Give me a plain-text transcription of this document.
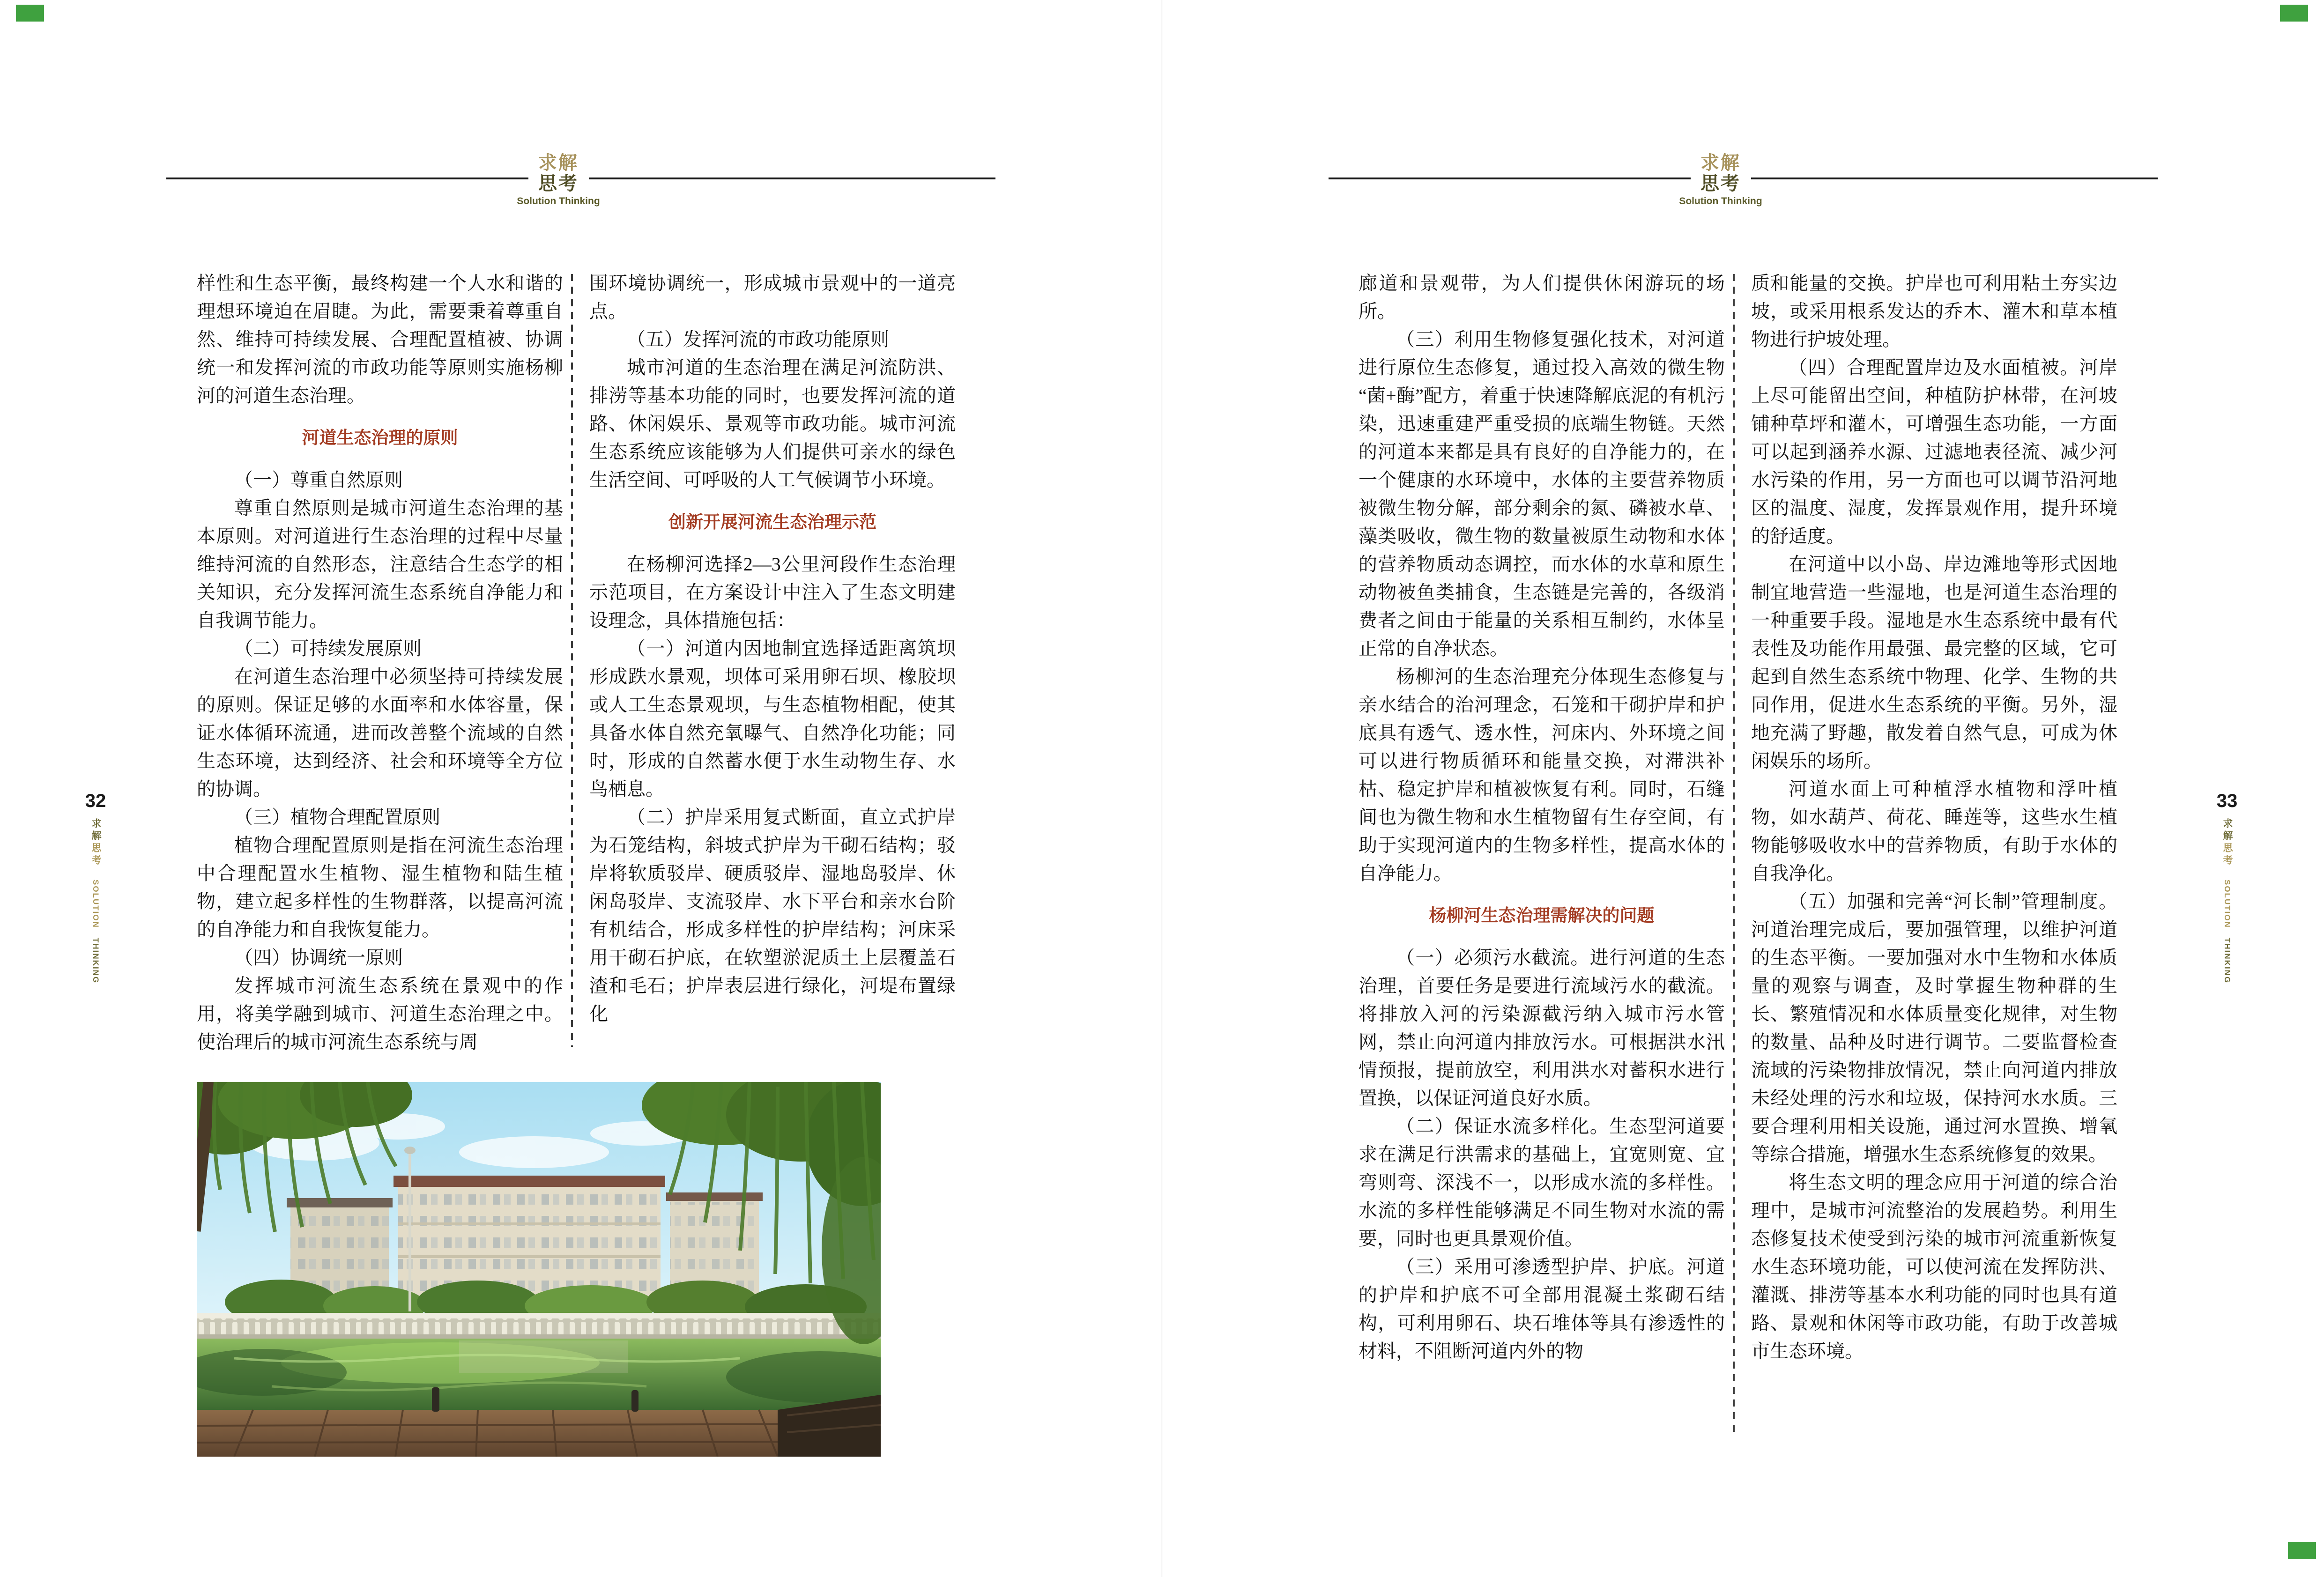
求解
思考
Solution Thinking
32
求解思考
SOLUTIONTHINKING

样性和生态平衡，最终构建一个人水和谐的理想环境迫在眉睫。为此，需要秉着尊重自然、维持可持续发展、合理配置植被、协调统一和发挥河流的市政功能等原则实施杨柳河的河道生态治理。

河道生态治理的原则

（一）尊重自然原则

尊重自然原则是城市河道生态治理的基本原则。对河道进行生态治理的过程中尽量维持河流的自然形态，注意结合生态学的相关知识，充分发挥河流生态系统自净能力和自我调节能力。

（二）可持续发展原则

在河道生态治理中必须坚持可持续发展的原则。保证足够的水面率和水体容量，保证水体循环流通，进而改善整个流域的自然生态环境，达到经济、社会和环境等全方位的协调。

（三）植物合理配置原则

植物合理配置原则是指在河流生态治理中合理配置水生植物、湿生植物和陆生植物，建立起多样性的生物群落，以提高河流的自净能力和自我恢复能力。

（四）协调统一原则

发挥城市河流生态系统在景观中的作用，将美学融到城市、河道生态治理之中。使治理后的城市河流生态系统与周

围环境协调统一，形成城市景观中的一道亮点。

（五）发挥河流的市政功能原则

城市河道的生态治理在满足河流防洪、排涝等基本功能的同时，也要发挥河流的道路、休闲娱乐、景观等市政功能。城市河流生态系统应该能够为人们提供可亲水的绿色生活空间、可呼吸的人工气候调节小环境。

创新开展河流生态治理示范

在杨柳河选择2—3公里河段作生态治理示范项目，在方案设计中注入了生态文明建设理念，具体措施包括：

（一）河道内因地制宜选择适距离筑坝形成跌水景观，坝体可采用卵石坝、橡胶坝或人工生态景观坝，与生态植物相配，使其具备水体自然充氧曝气、自然净化功能；同时，形成的自然蓄水便于水生动物生存、水鸟栖息。

（二）护岸采用复式断面，直立式护岸为石笼结构，斜坡式护岸为干砌石结构；驳岸将软质驳岸、硬质驳岸、湿地岛驳岸、休闲岛驳岸、支流驳岸、水下平台和亲水台阶有机结合，形成多样性的护岸结构；河床采用干砌石护底，在软塑淤泥质土上层覆盖石渣和毛石；护岸表层进行绿化，河堤布置绿化

求解
思考
Solution Thinking
33
求解思考
SOLUTIONTHINKING

廊道和景观带，为人们提供休闲游玩的场所。

（三）利用生物修复强化技术，对河道进行原位生态修复，通过投入高效的微生物“菌+酶”配方，着重于快速降解底泥的有机污染，迅速重建严重受损的底端生物链。天然的河道本来都是具有良好的自净能力的，在一个健康的水环境中，水体的主要营养物质被微生物分解，部分剩余的氮、磷被水草、藻类吸收，微生物的数量被原生动物和水体的营养物质动态调控，而水体的水草和原生动物被鱼类捕食，生态链是完善的，各级消费者之间由于能量的关系相互制约，水体呈正常的自净状态。

杨柳河的生态治理充分体现生态修复与亲水结合的治河理念，石笼和干砌护岸和护底具有透气、透水性，河床内、外环境之间可以进行物质循环和能量交换，对滞洪补枯、稳定护岸和植被恢复有利。同时，石缝间也为微生物和水生植物留有生存空间，有助于实现河道内的生物多样性，提高水体的自净能力。

杨柳河生态治理需解决的问题

（一）必须污水截流。进行河道的生态治理，首要任务是要进行流域污水的截流。将排放入河的污染源截污纳入城市污水管网，禁止向河道内排放污水。可根据洪水汛情预报，提前放空，利用洪水对蓄积水进行置换，以保证河道良好水质。

（二）保证水流多样化。生态型河道要求在满足行洪需求的基础上，宜宽则宽、宜弯则弯、深浅不一，以形成水流的多样性。水流的多样性能够满足不同生物对水流的需要，同时也更具景观价值。

（三）采用可渗透型护岸、护底。河道的护岸和护底不可全部用混凝土浆砌石结构，可利用卵石、块石堆体等具有渗透性的材料，不阻断河道内外的物

质和能量的交换。护岸也可利用粘土夯实边坡，或采用根系发达的乔木、灌木和草本植物进行护坡处理。

（四）合理配置岸边及水面植被。河岸上尽可能留出空间，种植防护林带，在河坡铺种草坪和灌木，可增强生态功能，一方面可以起到涵养水源、过滤地表径流、减少河水污染的作用，另一方面也可以调节沿河地区的温度、湿度，发挥景观作用，提升环境的舒适度。

在河道中以小岛、岸边滩地等形式因地制宜地营造一些湿地，也是河道生态治理的一种重要手段。湿地是水生态系统中最有代表性及功能作用最强、最完整的区域，它可起到自然生态系统中物理、化学、生物的共同作用，促进水生态系统的平衡。另外，湿地充满了野趣，散发着自然气息，可成为休闲娱乐的场所。

河道水面上可种植浮水植物和浮叶植物，如水葫芦、荷花、睡莲等，这些水生植物能够吸收水中的营养物质，有助于水体的自我净化。

（五）加强和完善“河长制”管理制度。河道治理完成后，要加强管理，以维护河道的生态平衡。一要加强对水中生物和水体质量的观察与调查，及时掌握生物种群的生长、繁殖情况和水体质量变化规律，对生物的数量、品种及时进行调节。二要监督检查流域的污染物排放情况，禁止向河道内排放未经处理的污水和垃圾，保持河水水质。三要合理利用相关设施，通过河水置换、增氧等综合措施，增强水生态系统修复的效果。

将生态文明的理念应用于河道的综合治理中，是城市河流整治的发展趋势。利用生态修复技术使受到污染的城市河流重新恢复水生态环境功能，可以使河流在发挥防洪、灌溉、排涝等基本水利功能的同时也具有道路、景观和休闲等市政功能，有助于改善城市生态环境。
